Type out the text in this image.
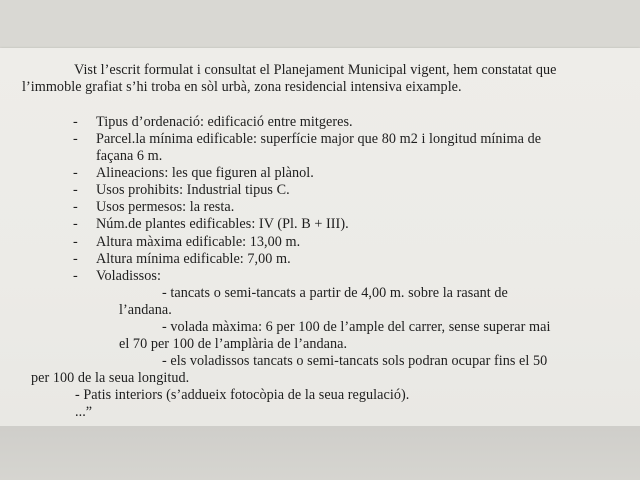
Vist l’escrit formulat i consultat el Planejament Municipal vigent, hem constatat que
l’immoble grafiat s’hi troba en sòl urbà, zona residencial intensiva eixample.
- Tipus d’ordenació: edificació entre mitgeres.
- Parcel.la mínima edificable: superfície major que 80 m2 i longitud mínima de
façana 6 m.
- Alineacions: les que figuren al plànol.
- Usos prohibits: Industrial tipus C.
- Usos permesos: la resta.
- Núm.de plantes edificables: IV (Pl. B + III).
- Altura màxima edificable: 13,00 m.
- Altura mínima edificable: 7,00 m.
- Voladissos:
- tancats o semi-tancats a partir de 4,00 m. sobre la rasant de
l’andana.
- volada màxima: 6 per 100 de l’ample del carrer, sense superar mai
el 70 per 100 de l’amplària de l’andana.
- els voladissos tancats o semi-tancats sols podran ocupar fins el 50
per 100 de la seua longitud.
- Patis interiors (s’addueix fotocòpia de la seua regulació).
...”
